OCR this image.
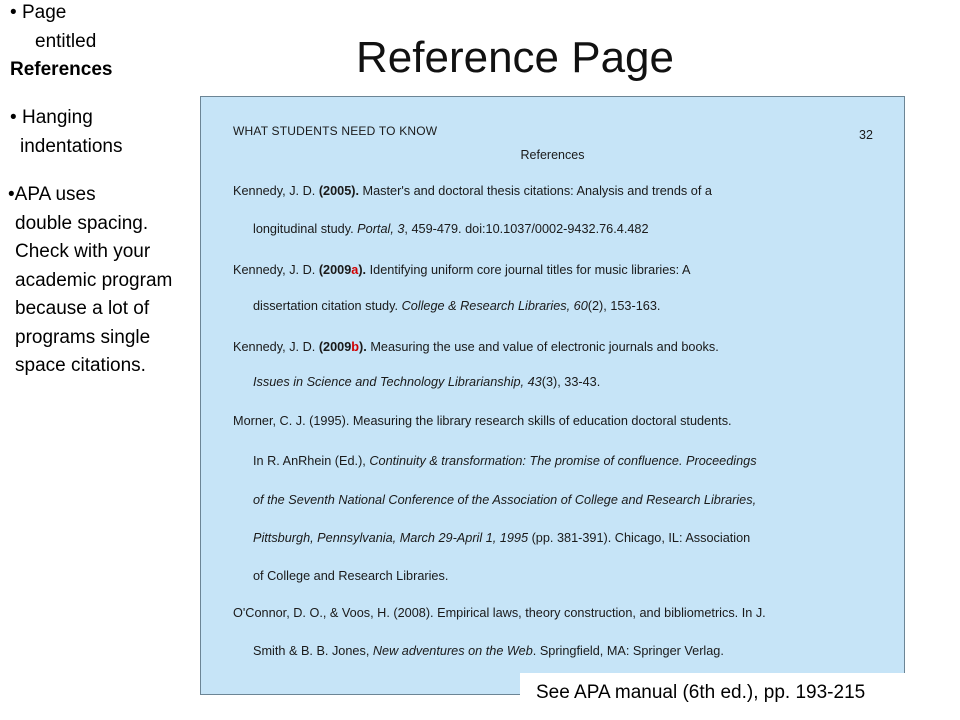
Reference Page
• Page
entitled
References
• Hanging
indentations
•APA uses
double spacing.
Check with your
academic program
because a lot of
programs single
space citations.
WHAT STUDENTS NEED TO KNOW	32
References
Kennedy, J. D. (2005). Master's and doctoral thesis citations: Analysis and trends of a
longitudinal study. Portal, 3, 459-479. doi:10.1037/0002-9432.76.4.482
Kennedy, J. D. (2009a). Identifying uniform core journal titles for music libraries: A
dissertation citation study. College & Research Libraries, 60(2), 153-163.
Kennedy, J. D. (2009b). Measuring the use and value of electronic journals and books.
Issues in Science and Technology Librarianship, 43(3), 33-43.
Morner, C. J. (1995). Measuring the library research skills of education doctoral students.
In R. AnRhein (Ed.), Continuity & transformation: The promise of confluence. Proceedings
of the Seventh National Conference of the Association of College and Research Libraries,
Pittsburgh, Pennsylvania, March 29-April 1, 1995 (pp. 381-391). Chicago, IL: Association
of College and Research Libraries.
O'Connor, D. O., & Voos, H. (2008). Empirical laws, theory construction, and bibliometrics. In J.
Smith & B. B. Jones, New adventures on the Web. Springfield, MA: Springer Verlag.
See APA manual (6th ed.), pp. 193-215
